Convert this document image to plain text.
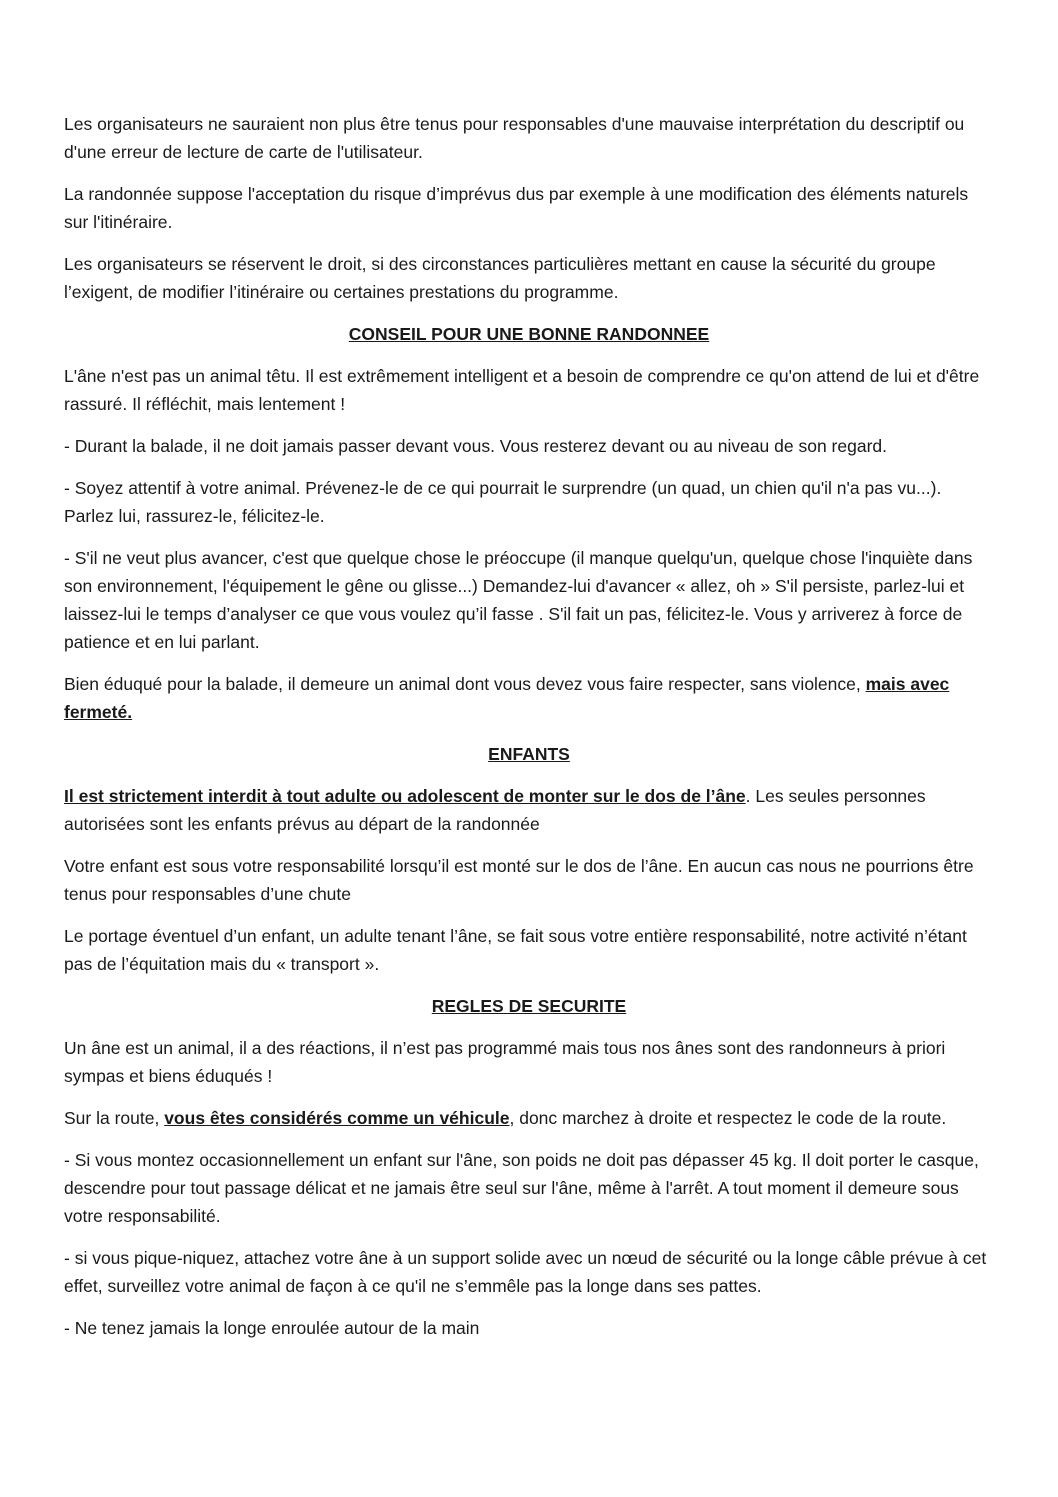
Les organisateurs ne sauraient non plus être tenus pour responsables d'une mauvaise interprétation du descriptif ou d'une erreur de lecture de carte de l'utilisateur.

La randonnée suppose l'acceptation du risque d’imprévus dus par exemple à une modification des éléments naturels sur l'itinéraire.

Les organisateurs se réservent le droit, si des circonstances particulières mettant en cause la sécurité du groupe l’exigent, de modifier l’itinéraire ou certaines prestations du programme.

CONSEIL POUR UNE BONNE RANDONNEE

L'âne n'est pas un animal têtu. Il est extrêmement intelligent et a besoin de comprendre ce qu'on attend de lui et d'être rassuré. Il réfléchit, mais lentement !

- Durant la balade, il ne doit jamais passer devant vous. Vous resterez devant ou au niveau de son regard.

- Soyez attentif à votre animal. Prévenez-le de ce qui pourrait le surprendre (un quad, un chien qu'il n'a pas vu...). Parlez lui, rassurez-le, félicitez-le.

- S'il ne veut plus avancer, c'est que quelque chose le préoccupe (il manque quelqu'un, quelque chose l'inquiète dans son environnement, l'équipement le gêne ou glisse...) Demandez-lui d'avancer « allez, oh » S'il persiste, parlez-lui et laissez-lui le temps d’analyser ce que vous voulez qu’il fasse . S'il fait un pas, félicitez-le. Vous y arriverez à force de patience et en lui parlant.

Bien éduqué pour la balade, il demeure un animal dont vous devez vous faire respecter, sans violence, mais avec fermeté.

ENFANTS

Il est strictement interdit à tout adulte ou adolescent de monter sur le dos de l’âne. Les seules personnes autorisées sont les enfants prévus au départ de la randonnée

Votre enfant est sous votre responsabilité lorsqu’il est monté sur le dos de l’âne. En aucun cas nous ne pourrions être tenus pour responsables d’une chute

Le portage éventuel d’un enfant, un adulte tenant l’âne, se fait sous votre entière responsabilité, notre activité n’étant pas de l’équitation mais du « transport ».

REGLES DE SECURITE

Un âne est un animal, il a des réactions, il n’est pas programmé mais tous nos ânes sont des randonneurs à priori sympas et biens éduqués !

Sur la route, vous êtes considérés comme un véhicule, donc marchez à droite et respectez le code de la route.

- Si vous montez occasionnellement un enfant sur l'âne, son poids ne doit pas dépasser 45 kg. Il doit porter le casque, descendre pour tout passage délicat et ne jamais être seul sur l'âne, même à l'arrêt. A tout moment il demeure sous votre responsabilité.

- si vous pique-niquez, attachez votre âne à un support solide avec un nœud de sécurité ou la longe câble prévue à cet effet, surveillez votre animal de façon à ce qu'il ne s’emmêle pas la longe dans ses pattes.

- Ne tenez jamais la longe enroulée autour de la main
